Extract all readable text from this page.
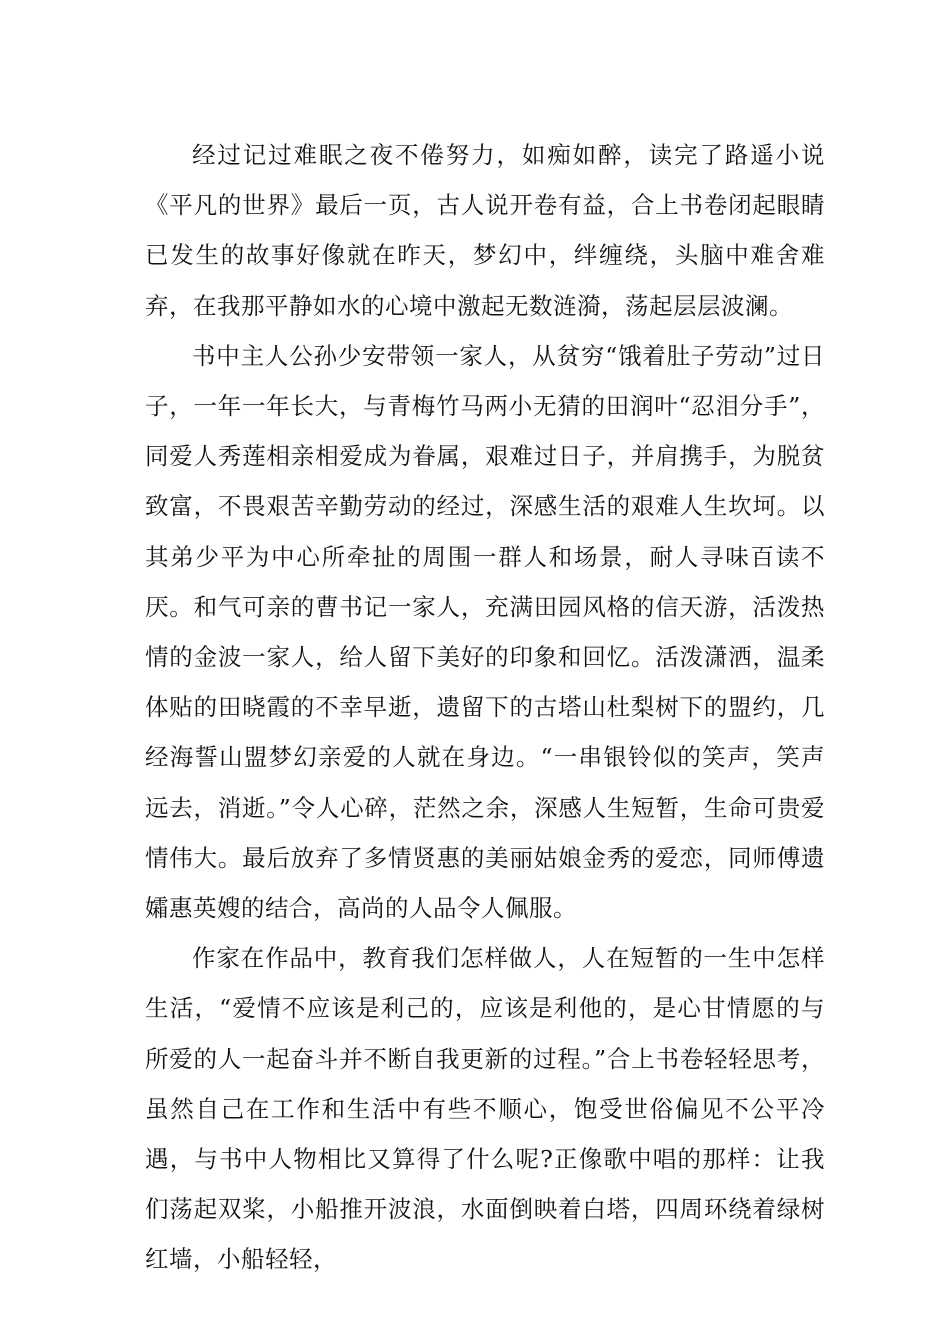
经过记过难眠之夜不倦努力，如痴如醉，读完了路遥小说《平凡的世界》最后一页，古人说开卷有益，合上书卷闭起眼睛已发生的故事好像就在昨天，梦幻中，绊缠绕，头脑中难舍难弃，在我那平静如水的心境中激起无数涟漪，荡起层层波澜。

书中主人公孙少安带领一家人，从贫穷“饿着肚子劳动”过日子，一年一年长大，与青梅竹马两小无猜的田润叶“忍泪分手”，同爱人秀莲相亲相爱成为眷属，艰难过日子，并肩携手，为脱贫致富，不畏艰苦辛勤劳动的经过，深感生活的艰难人生坎坷。以其弟少平为中心所牵扯的周围一群人和场景，耐人寻味百读不厌。和气可亲的曹书记一家人，充满田园风格的信天游，活泼热情的金波一家人，给人留下美好的印象和回忆。活泼潇洒，温柔体贴的田晓霞的不幸早逝，遗留下的古塔山杜梨树下的盟约，几经海誓山盟梦幻亲爱的人就在身边。“一串银铃似的笑声，笑声远去，消逝。”令人心碎，茫然之余，深感人生短暂，生命可贵爱情伟大。最后放弃了多情贤惠的美丽姑娘金秀的爱恋，同师傅遗孀惠英嫂的结合，高尚的人品令人佩服。

作家在作品中，教育我们怎样做人，人在短暂的一生中怎样生活，“爱情不应该是利己的，应该是利他的，是心甘情愿的与所爱的人一起奋斗并不断自我更新的过程。”合上书卷轻轻思考，虽然自己在工作和生活中有些不顺心，饱受世俗偏见不公平冷遇，与书中人物相比又算得了什么呢?正像歌中唱的那样：让我们荡起双桨，小船推开波浪，水面倒映着白塔，四周环绕着绿树红墙，小船轻轻，
